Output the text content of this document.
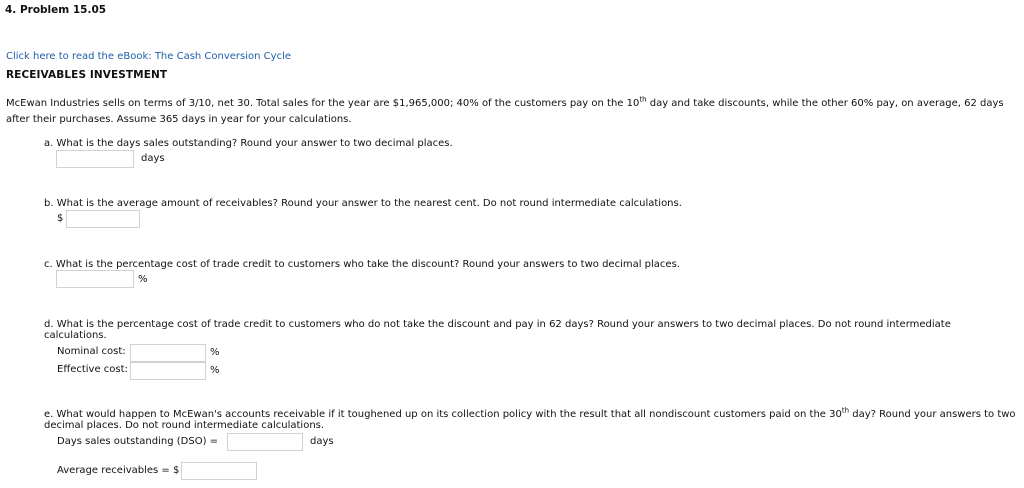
4. Problem 15.05
Click here to read the eBook: The Cash Conversion Cycle
RECEIVABLES INVESTMENT
McEwan Industries sells on terms of 3/10, net 30. Total sales for the year are $1,965,000; 40% of the customers pay on the 10th day and take discounts, while the other 60% pay, on average, 62 days after their purchases. Assume 365 days in year for your calculations.
a. What is the days sales outstanding? Round your answer to two decimal places.
days
b. What is the average amount of receivables? Round your answer to the nearest cent. Do not round intermediate calculations.
$
c. What is the percentage cost of trade credit to customers who take the discount? Round your answers to two decimal places.
%
d. What is the percentage cost of trade credit to customers who do not take the discount and pay in 62 days? Round your answers to two decimal places. Do not round intermediate calculations.
Nominal cost:	%
Effective cost:	%
e. What would happen to McEwan's accounts receivable if it toughened up on its collection policy with the result that all nondiscount customers paid on the 30th day? Round your answers to two decimal places. Do not round intermediate calculations.
Days sales outstanding (DSO) =	days
Average receivables = $
